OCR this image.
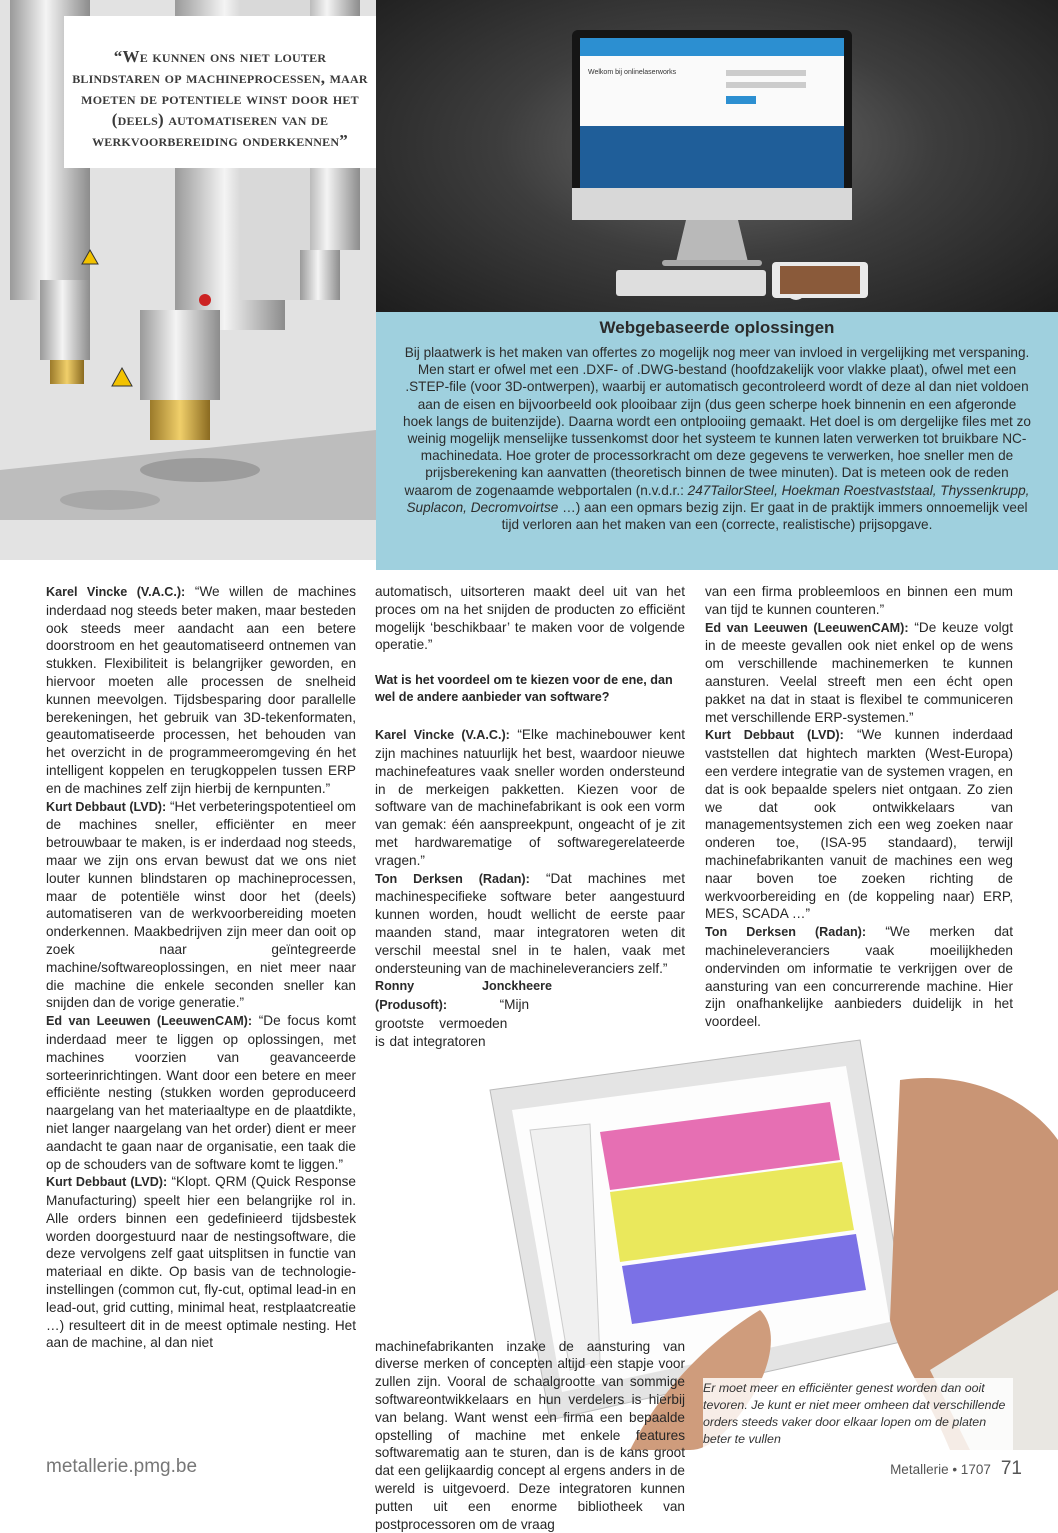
“We kunnen ons niet louter blindstaren op machineprocessen, maar moeten de potentiele winst door het (deels) automatiseren van de werkvoorbereiding onderkennen”

Welkom bij onlinelaserworks
Webgebaseerde oplossingen

Bij plaatwerk is het maken van offertes zo mogelijk nog meer van invloed in vergelijking met verspaning. Men start er ofwel met een .DXF- of .DWG-bestand (hoofdzakelijk voor vlakke plaat), ofwel met een .STEP-file (voor 3D-ontwerpen), waarbij er automatisch gecontroleerd wordt of deze al dan niet voldoen aan de eisen en bijvoorbeeld ook plooibaar zijn (dus geen scherpe hoek binnenin en een afgeronde hoek langs de buitenzijde). Daarna wordt een ontplooiing gemaakt. Het doel is om dergelijke files met zo weinig mogelijk menselijke tussenkomst door het systeem te kunnen laten verwerken tot bruikbare NC-machinedata. Hoe groter de processorkracht om deze gegevens te verwerken, hoe sneller men de prijsberekening kan aanvatten (theoretisch binnen de twee minuten). Dat is meteen ook de reden waarom de zogenaamde webportalen (n.v.d.r.: 247TailorSteel, Hoekman Roestvaststaal, Thyssenkrupp, Suplacon, Decromvoirtse …) aan een opmars bezig zijn. Er gaat in de praktijk immers onnoemelijk veel tijd verloren aan het maken van een (correcte, realistische) prijsopgave.

Karel Vincke (V.A.C.): “We willen de machines inderdaad nog steeds beter maken, maar besteden ook steeds meer aandacht aan een betere doorstroom en het geautomatiseerd ontnemen van stukken. Flexibiliteit is belangrijker geworden, en hiervoor moeten alle processen de snelheid kunnen meevolgen. Tijdsbesparing door parallelle berekeningen, het gebruik van 3D-tekenformaten, geautomatiseerde processen, het behouden van het overzicht in de programmeeromgeving én het intelligent koppelen en terugkoppelen tussen ERP en de machines zelf zijn hierbij de kernpunten.”

Kurt Debbaut (LVD): “Het verbeteringspotentieel om de machines sneller, efficiënter en meer betrouwbaar te maken, is er inderdaad nog steeds, maar we zijn ons ervan bewust dat we ons niet louter kunnen blindstaren op machineprocessen, maar de potentiële winst door het (deels) automatiseren van de werkvoorbereiding moeten onderkennen. Maakbedrijven zijn meer dan ooit op zoek naar geïntegreerde machine/softwareoplossingen, en niet meer naar die machine die enkele seconden sneller kan snijden dan de vorige generatie.”

Ed van Leeuwen (LeeuwenCAM): “De focus komt inderdaad meer te liggen op oplossingen, met machines voorzien van geavanceerde sorteerinrichtingen. Want door een betere en meer efficiënte nesting (stukken worden geproduceerd naargelang van het materiaaltype en de plaatdikte, niet langer naargelang van het order) dient er meer aandacht te gaan naar de organisatie, een taak die op de schouders van de software komt te liggen.”

Kurt Debbaut (LVD): “Klopt. QRM (Quick Response Manufacturing) speelt hier een belangrijke rol in. Alle orders binnen een gedefinieerd tijdsbestek worden doorgestuurd naar de nestingsoftware, die deze vervolgens zelf gaat uitsplitsen in functie van materiaal en dikte. Op basis van de technologie-instellingen (common cut, fly-cut, optimal lead-in en lead-out, grid cutting, minimal heat, restplaatcreatie …) resulteert dit in de meest optimale nesting. Het aan de machine, al dan niet

automatisch, uitsorteren maakt deel uit van het proces om na het snijden de producten zo efficiënt mogelijk ‘beschikbaar’ te maken voor de volgende operatie.”

Wat is het voordeel om te kiezen voor de ene, dan wel de andere aanbieder van software?

Karel Vincke (V.A.C.): “Elke machinebouwer kent zijn machines natuurlijk het best, waardoor nieuwe machinefeatures vaak sneller worden ondersteund in de merkeigen pakketten. Kiezen voor de software van de machinefabrikant is ook een vorm van gemak: één aanspreekpunt, ongeacht of je zit met hardwarematige of softwaregerelateerde vragen.”

Ton Derksen (Radan): “Dat machines met machinespecifieke software beter aangestuurd kunnen worden, houdt wellicht de eerste paar maanden stand, maar integratoren weten dit verschil meestal snel in te halen, vaak met ondersteuning van de machineleveranciers zelf.”

Ronny Jonckheere (Produsoft): “Mijn grootste vermoeden is dat integratoren machinefabrikanten inzake de aansturing van diverse merken of concepten altijd een stapje voor zullen zijn. Vooral de schaalgrootte van sommige softwareontwikkelaars en hun verdelers is hierbij van belang. Want wenst een firma een bepaalde opstelling of machine met enkele features softwarematig aan te sturen, dan is de kans groot dat een gelijkaardig concept al ergens anders in de wereld is uitgevoerd. Deze integratoren kunnen putten uit een enorme bibliotheek van postprocessoren om de vraag

van een firma probleemloos en binnen een mum van tijd te kunnen counteren.”

Ed van Leeuwen (LeeuwenCAM): “De keuze volgt in de meeste gevallen ook niet enkel op de wens om verschillende machinemerken te kunnen aansturen. Veelal streeft men een écht open pakket na dat in staat is flexibel te communiceren met verschillende ERP-systemen.”

Kurt Debbaut (LVD): “We kunnen inderdaad vaststellen dat hightech markten (West-Europa) een verdere integratie van de systemen vragen, en dat is ook bepaalde spelers niet ontgaan. Zo zien we dat ook ontwikkelaars van managementsystemen zich een weg zoeken naar onderen toe, (ISA-95 standaard), terwijl machinefabrikanten vanuit de machines een weg naar boven toe zoeken richting de werkvoorbereiding en (de koppeling naar) ERP, MES, SCADA …”

Ton Derksen (Radan): “We merken dat machineleveranciers vaak moeilijkheden ondervinden om informatie te verkrijgen over de aansturing van een concurrerende machine. Hier zijn onafhankelijke aanbieders duidelijk in het voordeel.

Er moet meer en efficiënter genest worden dan ooit tevoren. Je kunt er niet meer omheen dat verschillende orders steeds vaker door elkaar lopen om de platen beter te vullen

metallerie.pmg.be	Metallerie • 1707 71
